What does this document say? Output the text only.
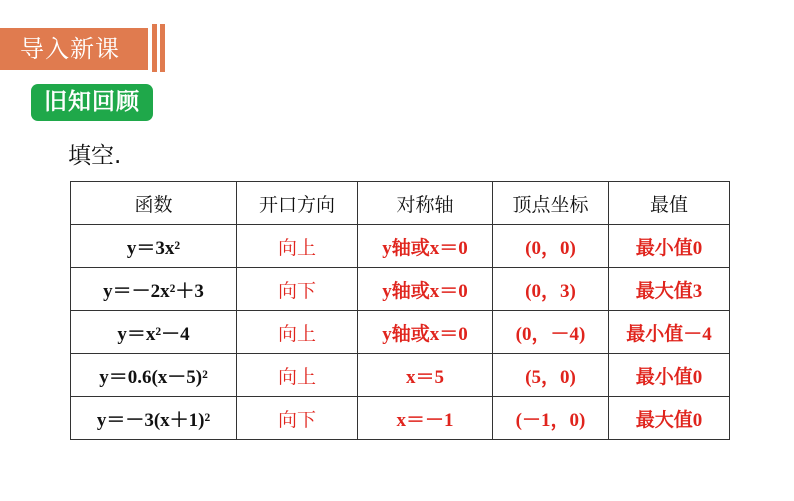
导入新课
旧知回顾
填空.
函数	开口方向	对称轴	顶点坐标	最值
y＝3x²	向上	y轴或x＝0	(0，0)	最小值0
y＝－2x²＋3	向下	y轴或x＝0	(0，3)	最大值3
y＝x²－4	向上	y轴或x＝0	(0，－4)	最小值－4
y＝0.6(x－5)²	向上	x＝5	(5，0)	最小值0
y＝－3(x＋1)²	向下	x＝－1	(－1，0)	最大值0
